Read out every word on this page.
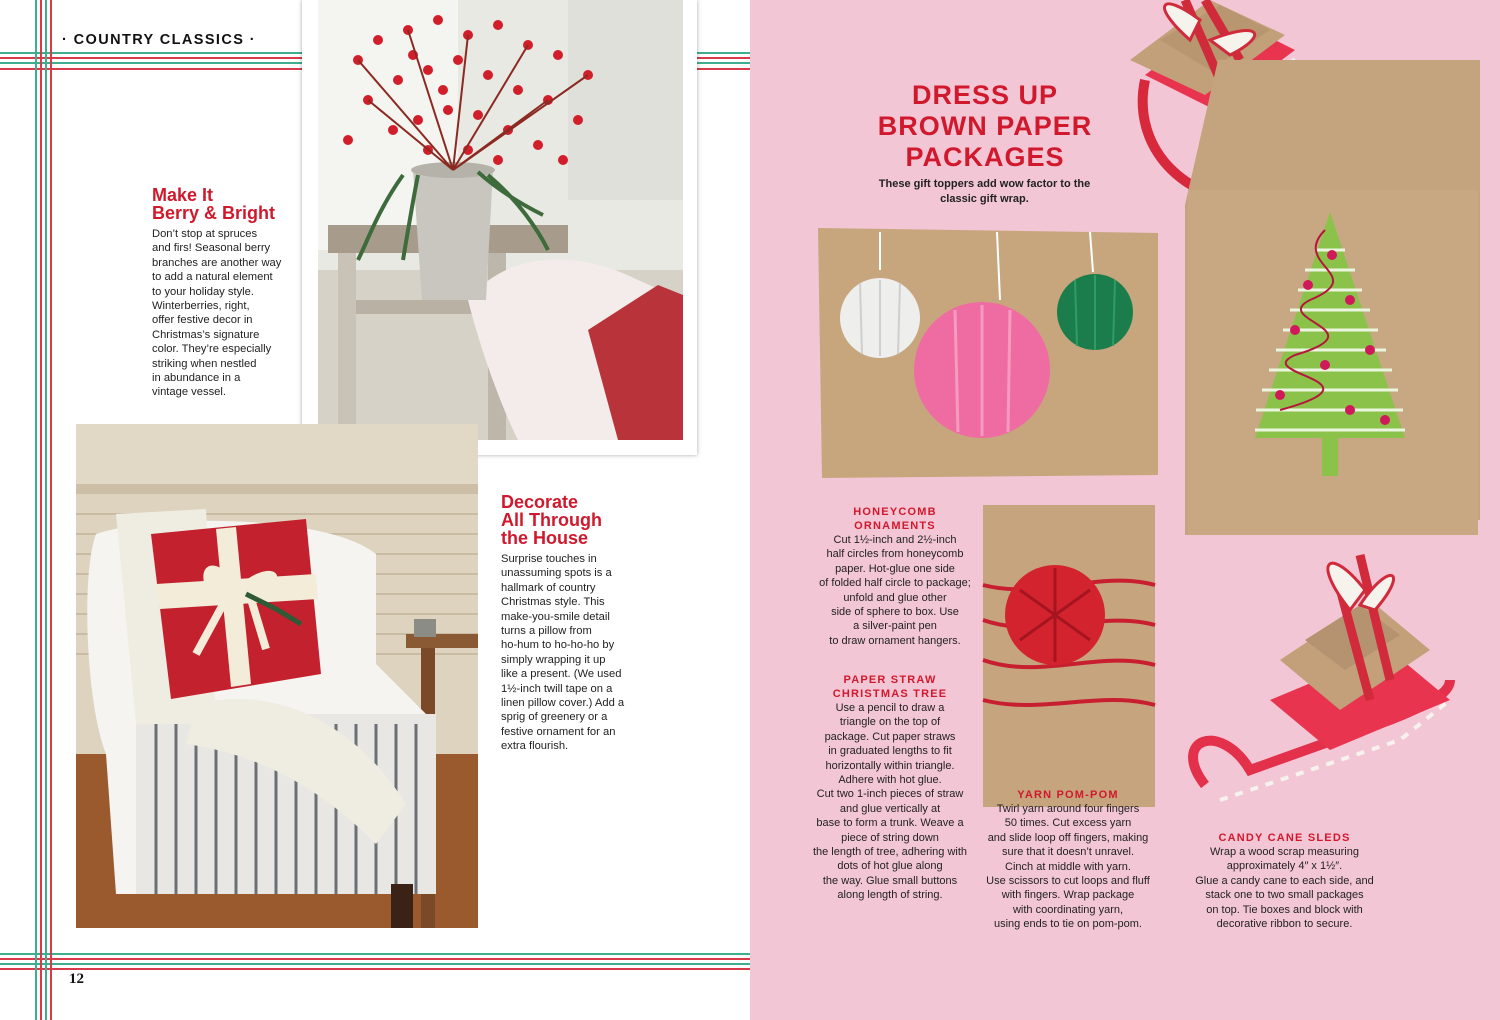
· COUNTRY CLASSICS ·
12
Make It
Berry & Bright
Don’t stop at spruces
and firs! Seasonal berry
branches are another way
to add a natural element
to your holiday style.
Winterberries, right,
offer festive decor in
Christmas’s signature
color. They’re especially
striking when nestled
in abundance in a
vintage vessel.
Decorate
All Through
the House
Surprise touches in
unassuming spots is a
hallmark of country
Christmas style. This
make-you-smile detail
turns a pillow from
ho-hum to ho-ho-ho by
simply wrapping it up
like a present. (We used
1½-inch twill tape on a
linen pillow cover.) Add a
sprig of greenery or a
festive ornament for an
extra flourish.
DRESS UP
BROWN PAPER
PACKAGES
These gift toppers add wow factor to the
classic gift wrap.
HONEYCOMB
ORNAMENTS
Cut 1½-inch and 2½-inch
half circles from honeycomb
paper. Hot-glue one side
of folded half circle to package;
unfold and glue other
side of sphere to box. Use
a silver-paint pen
to draw ornament hangers.
PAPER STRAW
CHRISTMAS TREE
Use a pencil to draw a
triangle on the top of
package. Cut paper straws
in graduated lengths to fit
horizontally within triangle.
Adhere with hot glue.
Cut two 1-inch pieces of straw
and glue vertically at
base to form a trunk. Weave a
piece of string down
the length of tree, adhering with
dots of hot glue along
the way. Glue small buttons
along length of string.
YARN POM-POM
Twirl yarn around four fingers
50 times. Cut excess yarn
and slide loop off fingers, making
sure that it doesn’t unravel.
Cinch at middle with yarn.
Use scissors to cut loops and fluff
with fingers. Wrap package
with coordinating yarn,
using ends to tie on pom-pom.
CANDY CANE SLEDS
Wrap a wood scrap measuring
approximately 4″ x 1½″.
Glue a candy cane to each side, and
stack one to two small packages
on top. Tie boxes and block with
decorative ribbon to secure.
